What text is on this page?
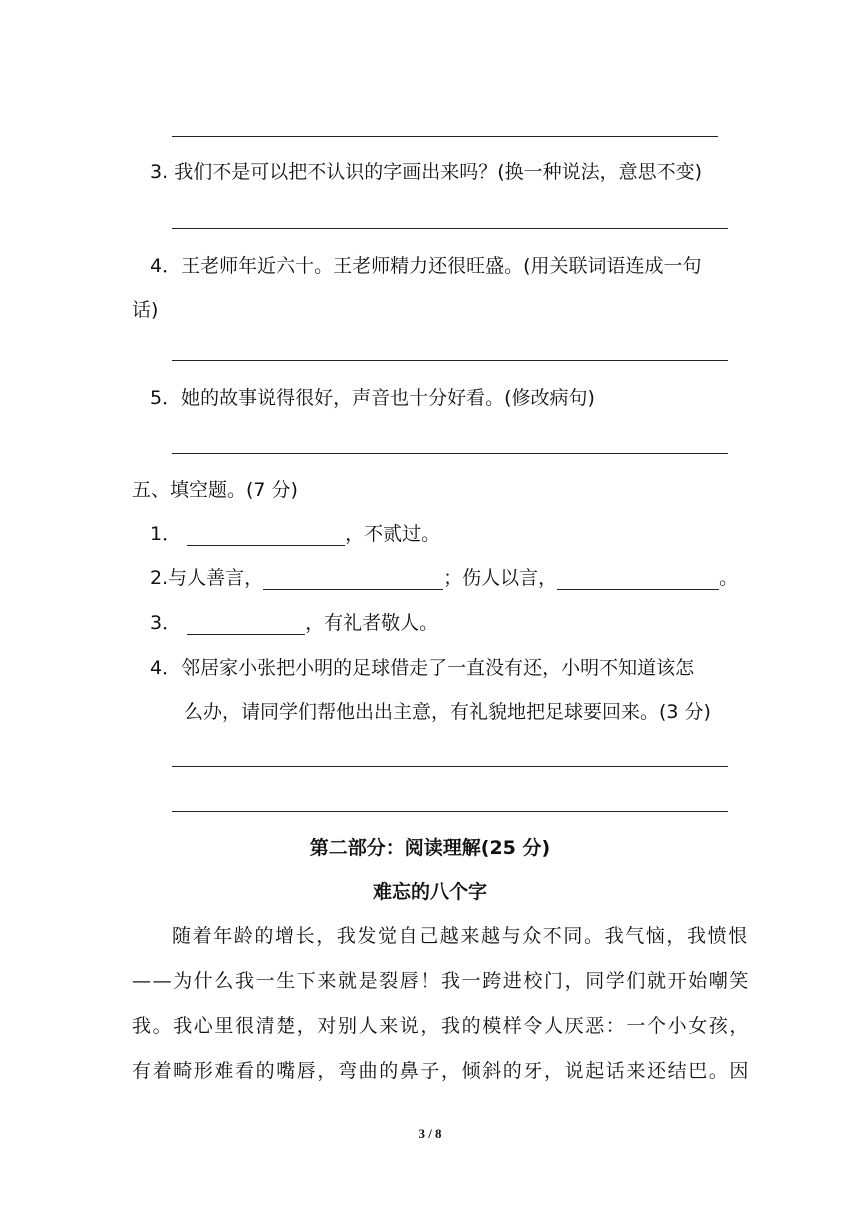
3. 我们不是可以把不认识的字画出来吗？(换一种说法，意思不变)
4．王老师年近六十。王老师精力还很旺盛。(用关联词语连成一句
话)
5．她的故事说得很好，声音也十分好看。(修改病句)
五、填空题。(7 分)
1．	，不贰过。
2.与人善言，	；伤人以言，	。
3．	，有礼者敬人。
4．邻居家小张把小明的足球借走了一直没有还，小明不知道该怎
么办，请同学们帮他出出主意，有礼貌地把足球要回来。(3 分)
第二部分：阅读理解(25 分)
难忘的八个字
随着年龄的增长，我发觉自己越来越与众不同。我气恼，我愤恨
——为什么我一生下来就是裂唇！我一跨进校门，同学们就开始嘲笑
我。我心里很清楚，对别人来说，我的模样令人厌恶：一个小女孩，
有着畸形难看的嘴唇，弯曲的鼻子，倾斜的牙，说起话来还结巴。因
3 / 8
